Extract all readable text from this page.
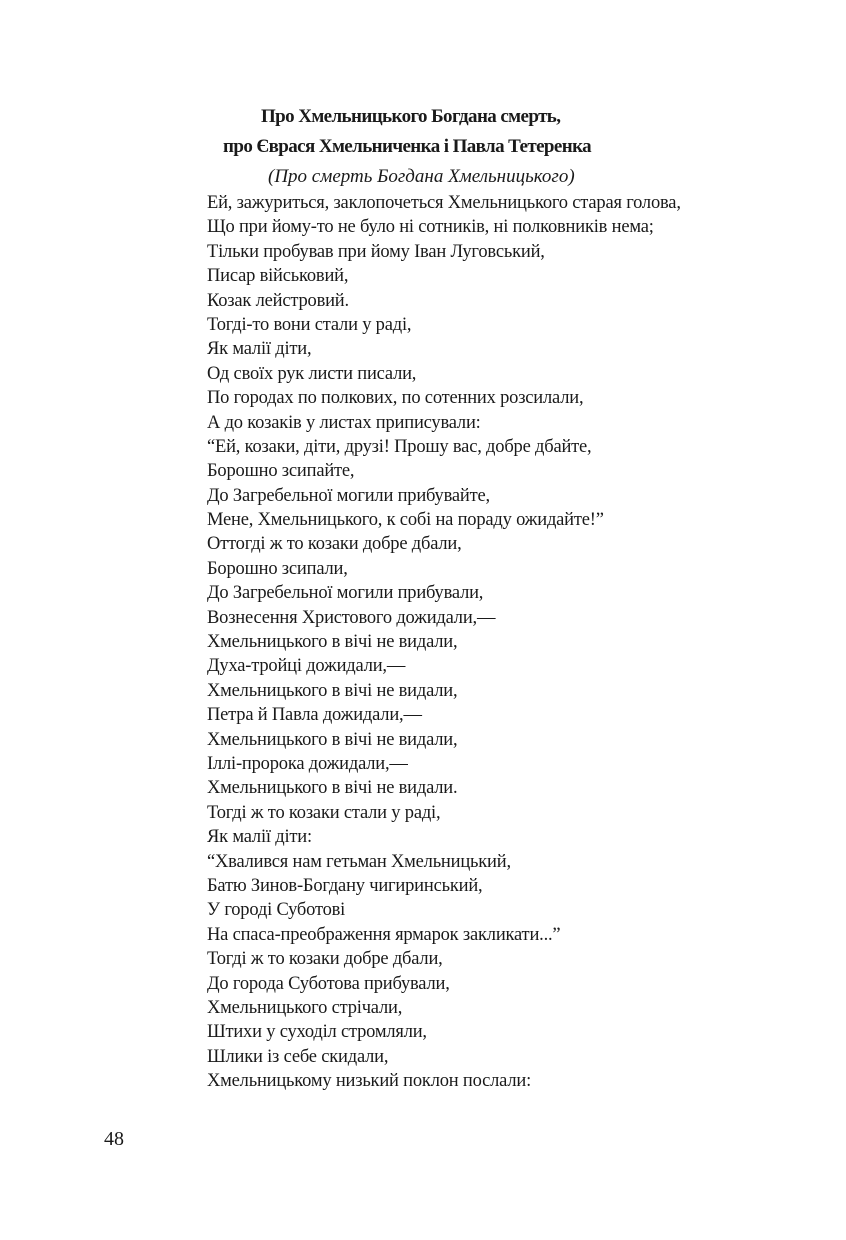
Про Хмельницького Богдана смерть,
про Єврася Хмельниченка і Павла Тетеренка
(Про смерть Богдана Хмельницького)
Ей, зажуриться, заклопочеться Хмельницького старая голова,
Що при йому-то не було ні сотників, ні полковників нема;
Тільки пробував при йому Іван Луговський,
Писар військовий,
Козак лейстровий.
Тогді-то вони стали у раді,
Як малії діти,
Од своїх рук листи писали,
По городах по полкових, по сотенних розсилали,
А до козаків у листах приписували:
“Ей, козаки, діти, друзі! Прошу вас, добре дбайте,
Борошно зсипайте,
До Загребельної могили прибувайте,
Мене, Хмельницького, к собі на пораду ожидайте!”
Оттогді ж то козаки добре дбали,
Борошно зсипали,
До Загребельної могили прибували,
Вознесення Христового дожидали,—
Хмельницького в вічі не видали,
Духа-тройці дожидали,—
Хмельницького в вічі не видали,
Петра й Павла дожидали,—
Хмельницького в вічі не видали,
Іллі-пророка дожидали,—
Хмельницького в вічі не видали.
Тогді ж то козаки стали у раді,
Як малії діти:
“Хвалився нам гетьман Хмельницький,
Батю Зинов-Богдану чигиринський,
У городі Суботові
На спаса-преображення ярмарок закликати...”
Тогді ж то козаки добре дбали,
До города Суботова прибували,
Хмельницького стрічали,
Штихи у суходіл стромляли,
Шлики із себе скидали,
Хмельницькому низький поклон послали:
48
